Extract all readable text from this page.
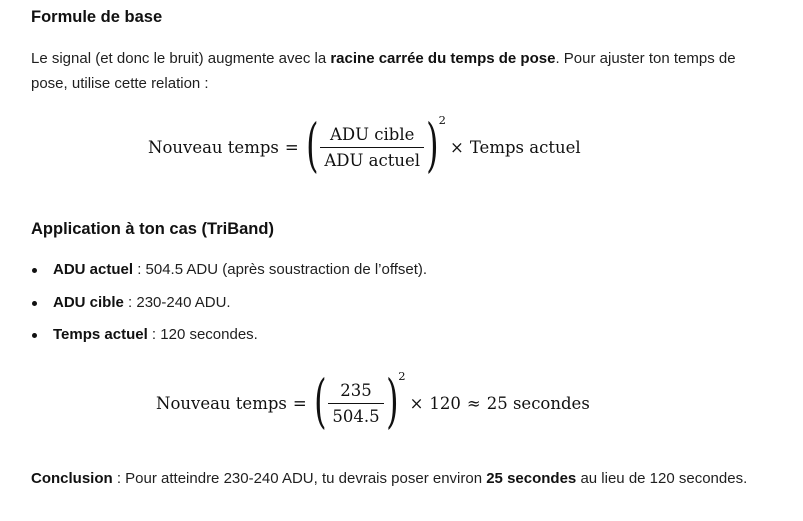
Formule de base

Le signal (et donc le bruit) augmente avec la racine carrée du temps de pose. Pour ajuster ton temps de pose, utilise cette relation :

Application à ton cas (TriBand)
ADU actuel : 504.5 ADU (après soustraction de l’offset).
ADU cible : 230-240 ADU.
Temps actuel : 120 secondes.

Conclusion : Pour atteindre 230-240 ADU, tu devrais poser environ 25 secondes au lieu de 120 secondes.

Nouveau temps = ( $\frac{\text{ADU cible}}{\text{ADU actuel}}$ ) 2
× Temps actuel
Nouveau temps = ( $\frac{235}{504.5}$ ) 2
× 120 ≈ 25 secondes
